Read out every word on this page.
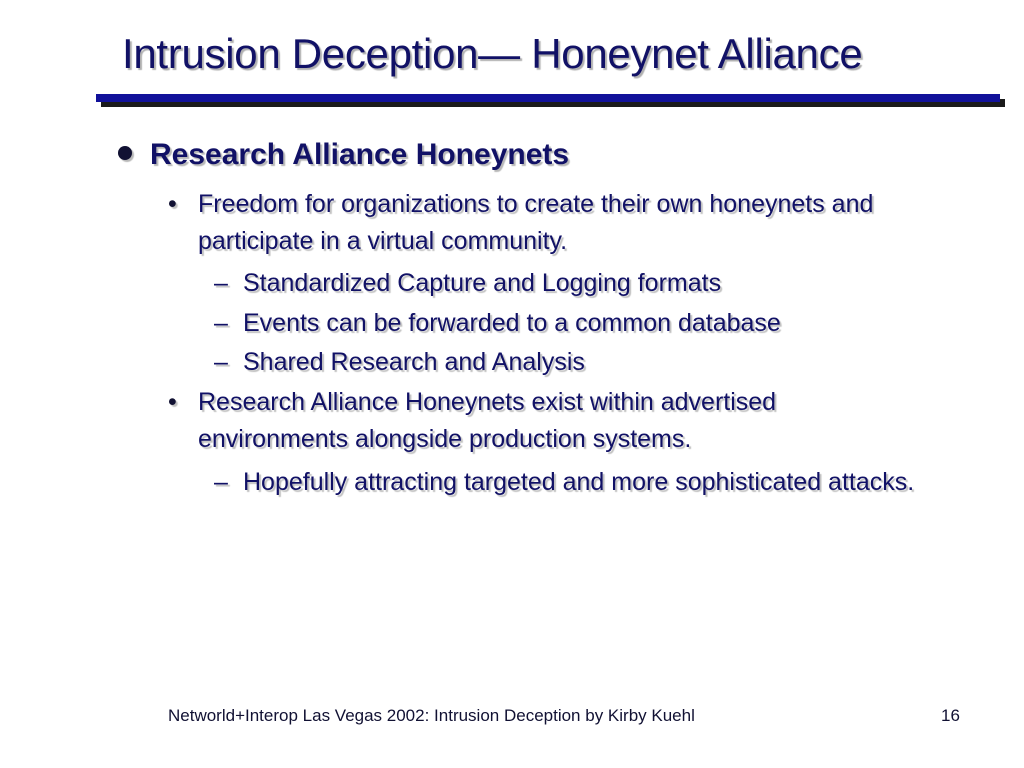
Intrusion Deception— Honeynet Alliance
Research Alliance Honeynets
• Freedom for organizations to create their own honeynets and participate in a virtual community.
– Standardized Capture and Logging formats
– Events can be forwarded to a common database
– Shared Research and Analysis
• Research Alliance Honeynets exist within advertised environments alongside production systems.
– Hopefully attracting targeted and more sophisticated attacks.
Networld+Interop Las Vegas 2002: Intrusion Deception by Kirby Kuehl	16
